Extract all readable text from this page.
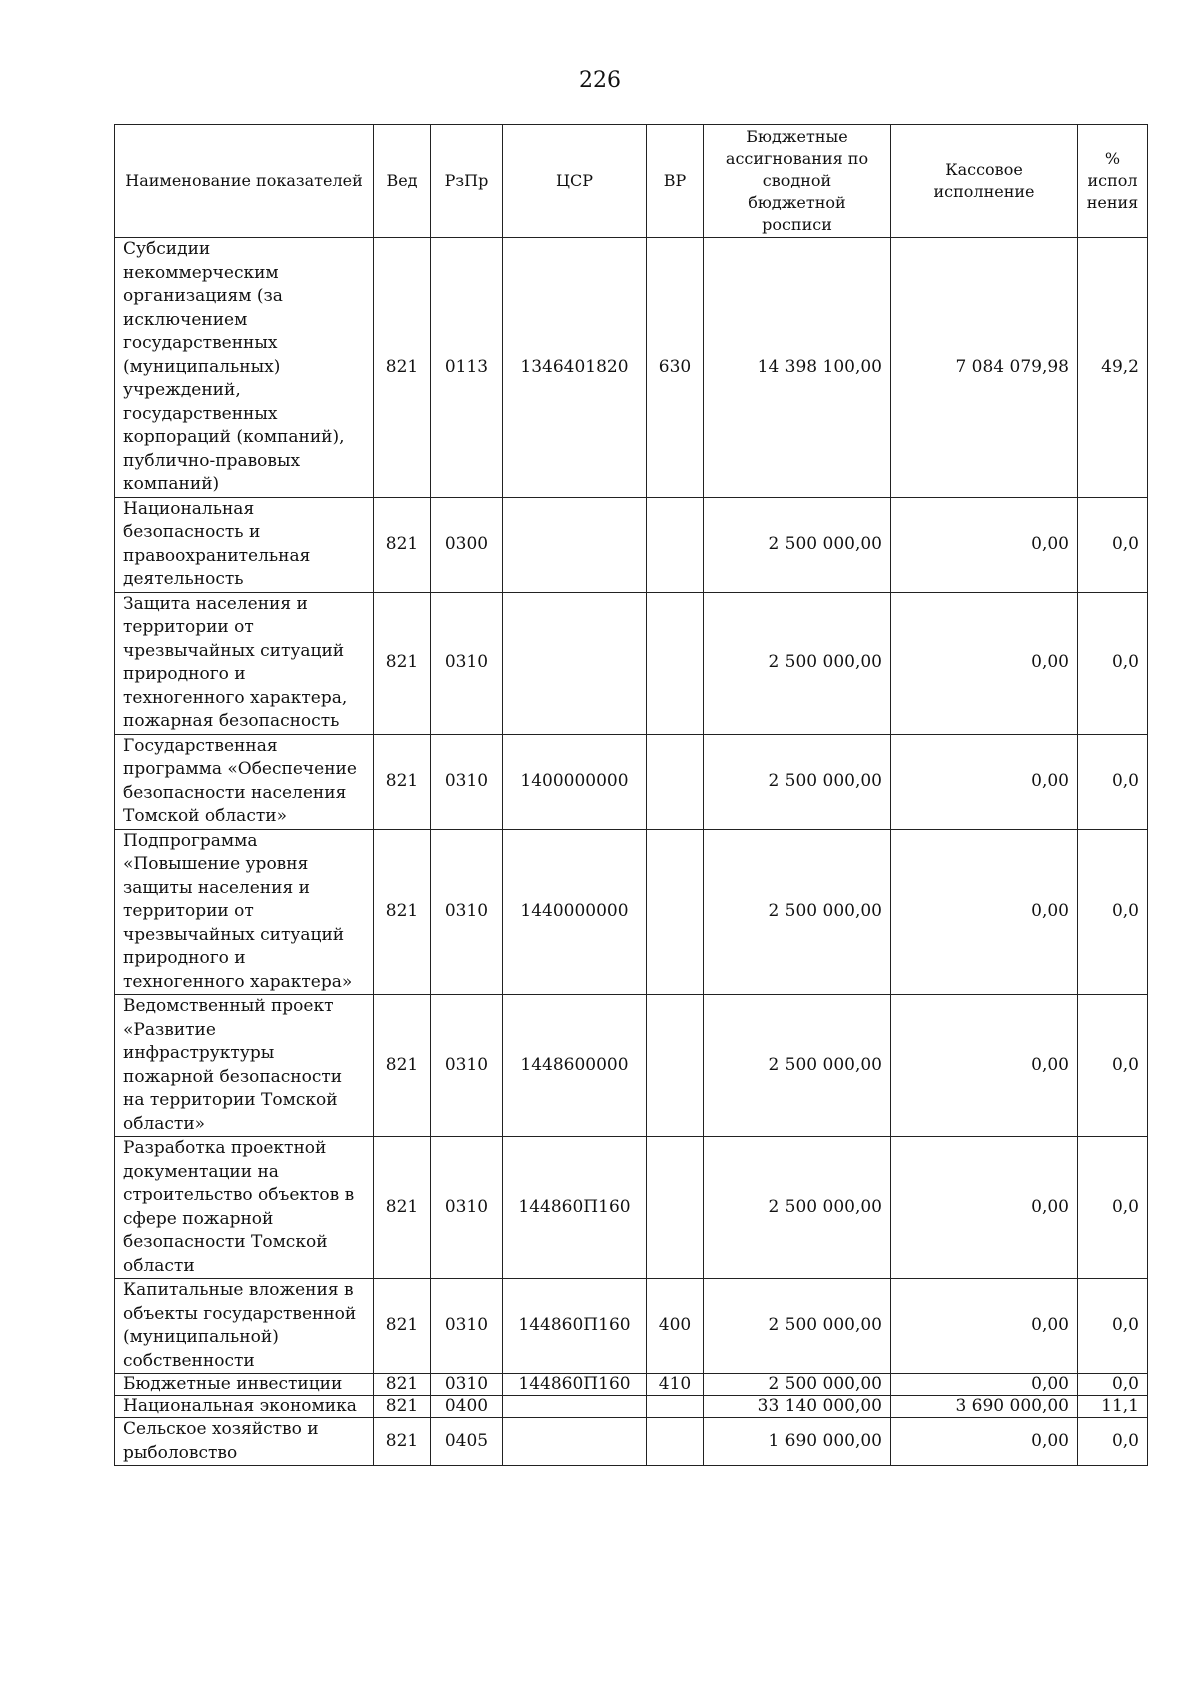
226
Наименование показателей	Вед	РзПр	ЦСР	ВР	Бюджетные ассигнования по сводной бюджетной росписи	Кассовое исполнение	% испол нения
Субсидии некоммерческим организациям (за исключением государственных (муниципальных) учреждений, государственных корпораций (компаний), публично-правовых компаний)	821	0113	1346401820	630	14 398 100,00	7 084 079,98	49,2
Национальная безопасность и правоохранительная деятельность	821	0300			2 500 000,00	0,00	0,0
Защита населения и территории от чрезвычайных ситуаций природного и техногенного характера, пожарная безопасность	821	0310			2 500 000,00	0,00	0,0
Государственная программа «Обеспечение безопасности населения Томской области»	821	0310	1400000000		2 500 000,00	0,00	0,0
Подпрограмма «Повышение уровня защиты населения и территории от чрезвычайных ситуаций природного и техногенного характера»	821	0310	1440000000		2 500 000,00	0,00	0,0
Ведомственный проект «Развитие инфраструктуры пожарной безопасности на территории Томской области»	821	0310	1448600000		2 500 000,00	0,00	0,0
Разработка проектной документации на строительство объектов в сфере пожарной безопасности Томской области	821	0310	144860П160		2 500 000,00	0,00	0,0
Капитальные вложения в объекты государственной (муниципальной) собственности	821	0310	144860П160	400	2 500 000,00	0,00	0,0
Бюджетные инвестиции	821	0310	144860П160	410	2 500 000,00	0,00	0,0
Национальная экономика	821	0400			33 140 000,00	3 690 000,00	11,1
Сельское хозяйство и рыболовство	821	0405			1 690 000,00	0,00	0,0
